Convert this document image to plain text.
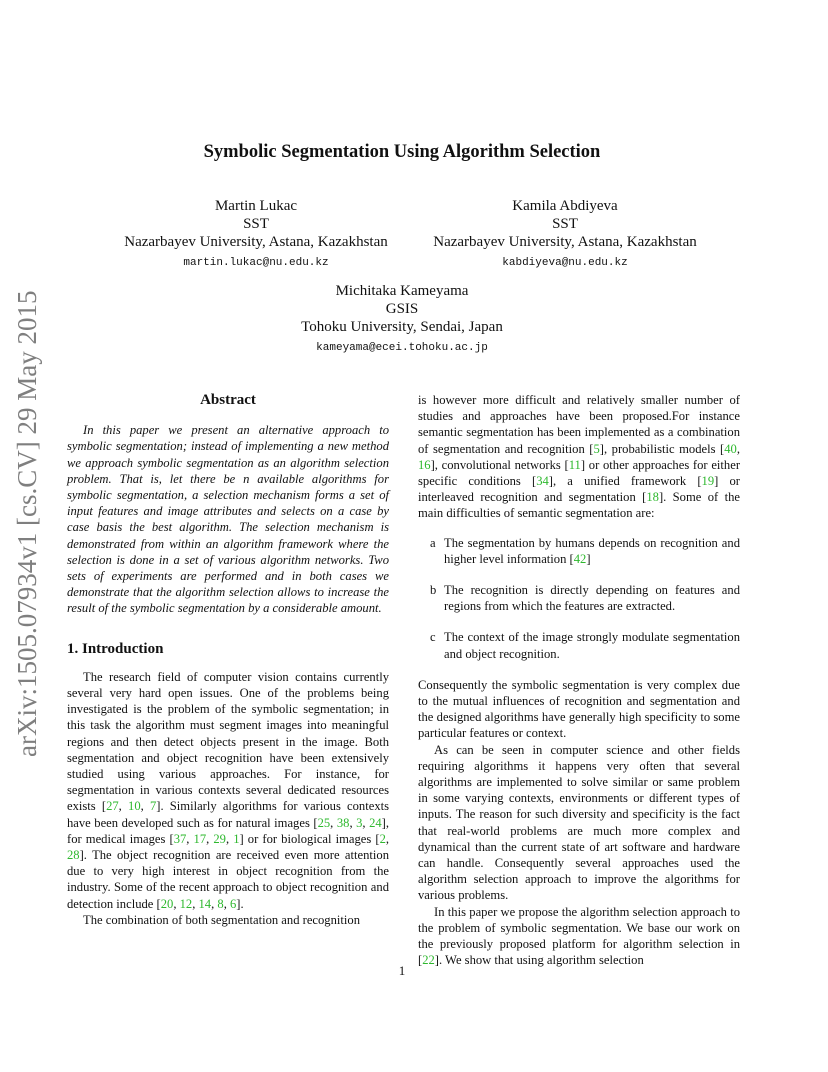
arXiv:1505.07934v1 [cs.CV] 29 May 2015
Symbolic Segmentation Using Algorithm Selection
Martin Lukac
SST
Nazarbayev University, Astana, Kazakhstan
martin.lukac@nu.edu.kz
Kamila Abdiyeva
SST
Nazarbayev University, Astana, Kazakhstan
kabdiyeva@nu.edu.kz
Michitaka Kameyama
GSIS
Tohoku University, Sendai, Japan
kameyama@ecei.tohoku.ac.jp
Abstract

In this paper we present an alternative approach to symbolic segmentation; instead of implementing a new method we approach symbolic segmentation as an algorithm selection problem. That is, let there be n available algorithms for symbolic segmentation, a selection mechanism forms a set of input features and image attributes and selects on a case by case basis the best algorithm. The selection mechanism is demonstrated from within an algorithm framework where the selection is done in a set of various algorithm networks. Two sets of experiments are performed and in both cases we demonstrate that the algorithm selection allows to increase the result of the symbolic segmentation by a considerable amount.

1. Introduction

The research field of computer vision contains currently several very hard open issues. One of the problems being investigated is the problem of the symbolic segmentation; in this task the algorithm must segment images into meaningful regions and then detect objects present in the image. Both segmentation and object recognition have been extensively studied using various approaches. For instance, for segmentation in various contexts several dedicated resources exists [27, 10, 7]. Similarly algorithms for various contexts have been developed such as for natural images [25, 38, 3, 24], for medical images [37, 17, 29, 1] or for biological images [2, 28]. The object recognition are received even more attention due to very high interest in object recognition from the industry. Some of the recent approach to object recognition and detection include [20, 12, 14, 8, 6].

The combination of both segmentation and recognition

is however more difficult and relatively smaller number of studies and approaches have been proposed.For instance semantic segmentation has been implemented as a combination of segmentation and recognition [5], probabilistic models [40, 16], convolutional networks [11] or other approaches for either specific conditions [34], a unified framework [19] or interleaved recognition and segmentation [18]. Some of the main difficulties of semantic segmentation are:

a The segmentation by humans depends on recognition and higher level information [42]
b The recognition is directly depending on features and regions from which the features are extracted.
c The context of the image strongly modulate segmentation and object recognition.

Consequently the symbolic segmentation is very complex due to the mutual influences of recognition and segmentation and the designed algorithms have generally high specificity to some particular features or context.

As can be seen in computer science and other fields requiring algorithms it happens very often that several algorithms are implemented to solve similar or same problem in some varying contexts, environments or different types of inputs. The reason for such diversity and specificity is the fact that real-world problems are much more complex and dynamical than the current state of art software and hardware can handle. Consequently several approaches used the algorithm selection approach to improve the algorithms for various problems.

In this paper we propose the algorithm selection approach to the problem of symbolic segmentation. We base our work on the previously proposed platform for algorithm selection in [22]. We show that using algorithm selection

1
